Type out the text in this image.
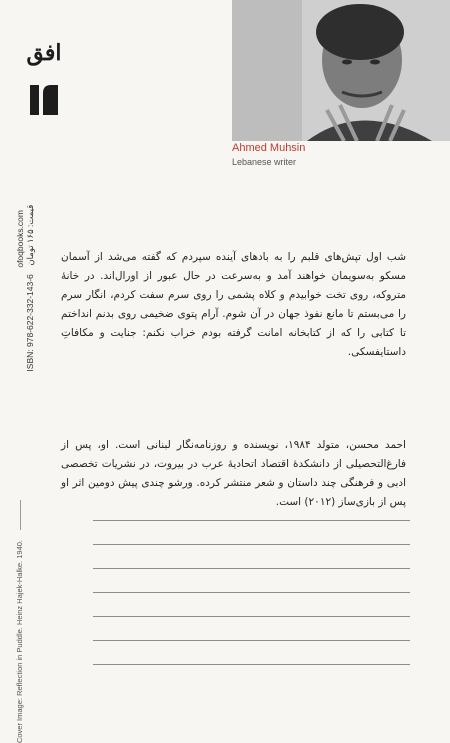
Ahmed Muhsin
Lebanese writer
افق
ofoqbooks.com
ISBN: 978-622-332-143-6 قیمت: ۱۶۵ تومان
Cover Image: Reflection in Puddle. Heinz Hajek-Halke. 1940.
شب اول تپش‌های قلبم را به بادهای آینده سپردم که گفته می‌شد از آسمان مسکو به‌سویمان خواهند آمد و به‌سرعت در حال عبور از اورال‌اند. در خانهٔ متروکه، روی تخت خوابیدم و کلاه پشمی را روی سرم سفت کردم، انگار سرم را می‌بستم تا مانع نفوذ جهان در آن شوم. آرام پتوی ضخیمی روی بدنم انداختم تا کتابی را که از کتابخانه امانت گرفته بودم خراب نکنم: جنایت و مکافاتِ داستایفسکی.
احمد محسن، متولد ۱۹۸۴، نویسنده و روزنامه‌نگار لبنانی است. او، پس از فارغ‌التحصیلی از دانشکدهٔ اقتصاد اتحادیهٔ عرب در بیروت، در نشریات تخصصی ادبی و فرهنگی چند داستان و شعر منتشر کرده. ورشو چندی پیش دومین اثر او پس از بازی‌ساز (۲۰۱۲) است.
